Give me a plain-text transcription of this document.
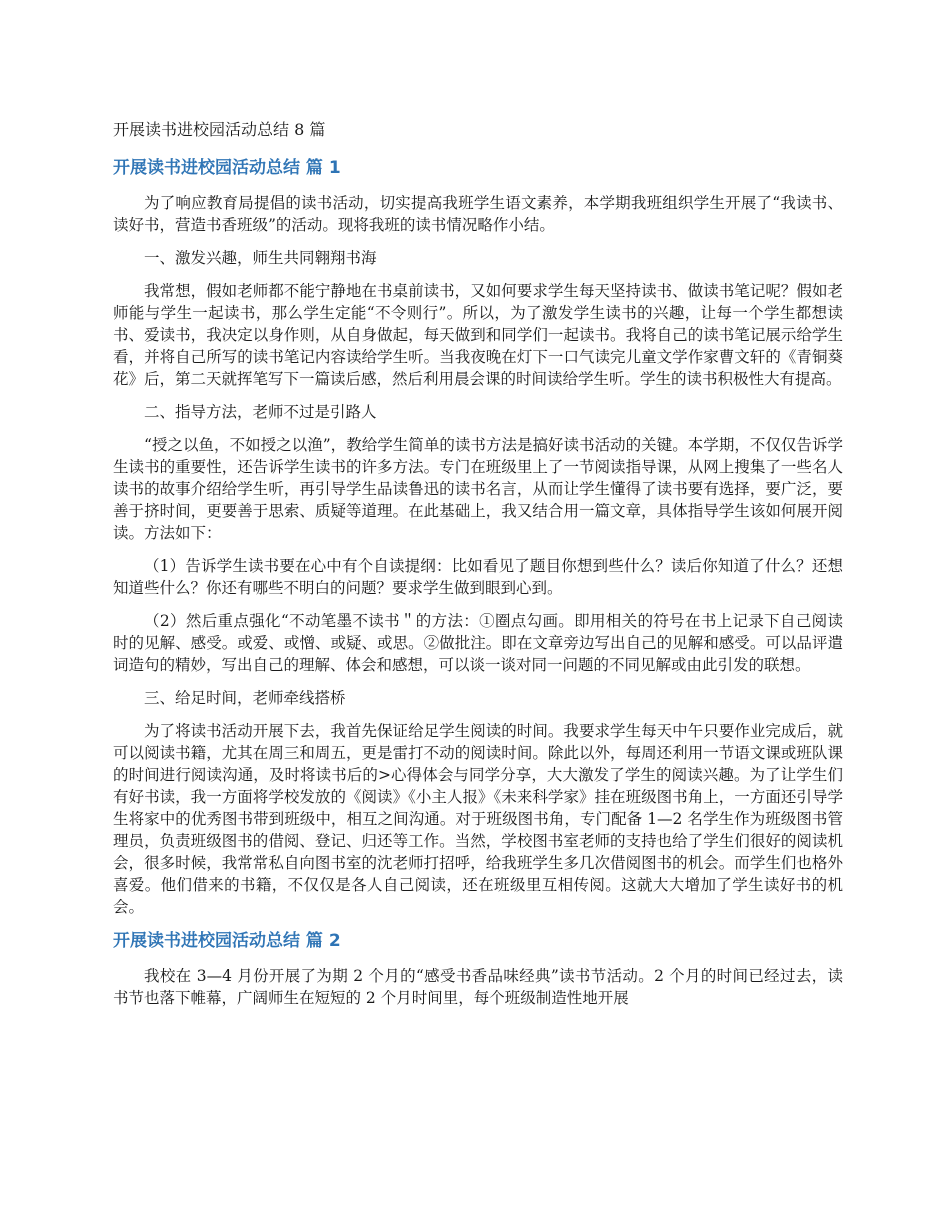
开展读书进校园活动总结 8 篇
开展读书进校园活动总结 篇 1

为了响应教育局提倡的读书活动，切实提高我班学生语文素养，本学期我班组织学生开展了“我读书、读好书，营造书香班级”的活动。现将我班的读书情况略作小结。

一、激发兴趣，师生共同翱翔书海

我常想，假如老师都不能宁静地在书桌前读书，又如何要求学生每天坚持读书、做读书笔记呢？假如老师能与学生一起读书，那么学生定能“不令则行”。所以，为了激发学生读书的兴趣，让每一个学生都想读书、爱读书，我决定以身作则，从自身做起，每天做到和同学们一起读书。我将自己的读书笔记展示给学生看，并将自己所写的读书笔记内容读给学生听。当我夜晚在灯下一口气读完儿童文学作家曹文轩的《青铜葵花》后，第二天就挥笔写下一篇读后感，然后利用晨会课的时间读给学生听。学生的读书积极性大有提高。

二、指导方法，老师不过是引路人

“授之以鱼，不如授之以渔”，教给学生简单的读书方法是搞好读书活动的关键。本学期，不仅仅告诉学生读书的重要性，还告诉学生读书的许多方法。专门在班级里上了一节阅读指导课，从网上搜集了一些名人读书的故事介绍给学生听，再引导学生品读鲁迅的读书名言，从而让学生懂得了读书要有选择，要广泛，要善于挤时间，更要善于思索、质疑等道理。在此基础上，我又结合用一篇文章，具体指导学生该如何展开阅读。方法如下：

（1）告诉学生读书要在心中有个自读提纲：比如看见了题目你想到些什么？读后你知道了什么？还想知道些什么？你还有哪些不明白的问题？要求学生做到眼到心到。

（2）然后重点强化“不动笔墨不读书＂的方法：①圈点勾画。即用相关的符号在书上记录下自己阅读时的见解、感受。或爱、或憎、或疑、或思。②做批注。即在文章旁边写出自己的见解和感受。可以品评遣词造句的精妙，写出自己的理解、体会和感想，可以谈一谈对同一问题的不同见解或由此引发的联想。

三、给足时间，老师牵线搭桥

为了将读书活动开展下去，我首先保证给足学生阅读的时间。我要求学生每天中午只要作业完成后，就可以阅读书籍，尤其在周三和周五，更是雷打不动的阅读时间。除此以外，每周还利用一节语文课或班队课的时间进行阅读沟通，及时将读书后的>心得体会与同学分享，大大激发了学生的阅读兴趣。为了让学生们有好书读，我一方面将学校发放的《阅读》《小主人报》《未来科学家》挂在班级图书角上，一方面还引导学生将家中的优秀图书带到班级中，相互之间沟通。对于班级图书角，专门配备 1—2 名学生作为班级图书管理员，负责班级图书的借阅、登记、归还等工作。当然，学校图书室老师的支持也给了学生们很好的阅读机会，很多时候，我常常私自向图书室的沈老师打招呼，给我班学生多几次借阅图书的机会。而学生们也格外喜爱。他们借来的书籍，不仅仅是各人自己阅读，还在班级里互相传阅。这就大大增加了学生读好书的机会。

开展读书进校园活动总结 篇 2

我校在 3—4 月份开展了为期 2 个月的“感受书香品味经典”读书节活动。2 个月的时间已经过去，读书节也落下帷幕，广阔师生在短短的 2 个月时间里，每个班级制造性地开展
